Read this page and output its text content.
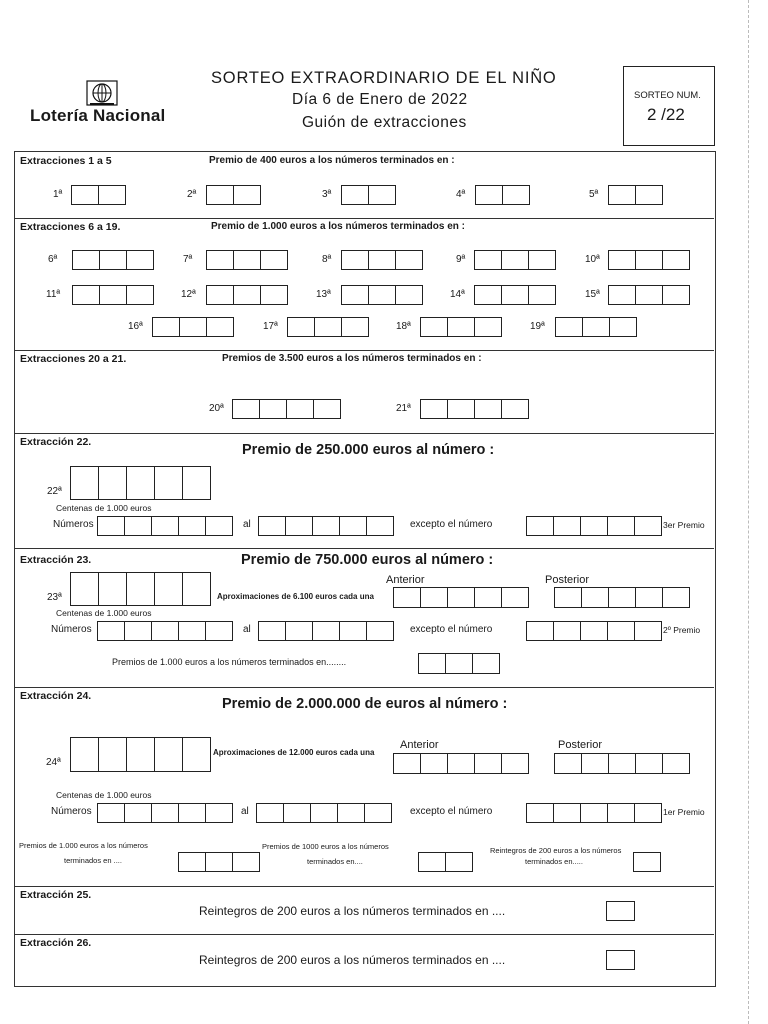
Lotería Nacional
SORTEO EXTRAORDINARIO DE EL NIÑO
Día 6 de Enero de 2022
Guión de extracciones
SORTEO NUM.
2 /22
Extracciones 1 a 5	Premio de 400 euros a los números terminados en :
1ª	2ª	3ª	4ª	5ª
Extracciones 6 a 19.	Premio de 1.000 euros a los números terminados en :
6ª	7ª	8ª	9ª	10ª
11ª	12ª	13ª	14ª	15ª
16ª	17ª	18ª	19ª
Extracciones 20 a 21.	Premios de 3.500 euros a los números terminados en :
20ª	21ª
Extracción 22.	Premio de 250.000 euros al número :
22ª
Centenas de 1.000 euros
Números	al	excepto el número	3er Premio
Extracción 23.	Premio de 750.000 euros al número :
23ª	Aproximaciones de 6.100 euros cada una
Anterior	Posterior
Centenas de 1.000 euros
Números	al	excepto el número	2º Premio
Premios de 1.000 euros a los números terminados en........
Extracción 24.	Premio de 2.000.000 de euros al número :
24ª
Aproximaciones de 12.000 euros cada una
Anterior	Posterior
Centenas de 1.000 euros
Números	al	excepto el número	1er Premio
Premios de 1.000 euros a los números
terminados en ....
Premios de 1000 euros a los números
terminados en....
Reintegros de 200 euros a los números
terminados en.....
Extracción 25.
Reintegros de 200 euros a los números terminados en ....
Extracción 26.
Reintegros de 200 euros a los números terminados en ....
